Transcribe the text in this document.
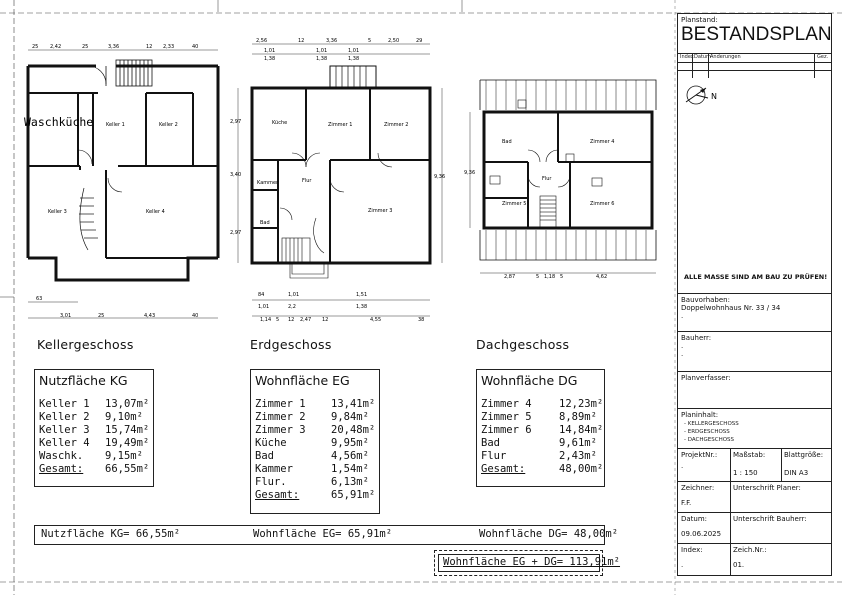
Waschküche	Keller 1	Keller 2
Keller 3	Keller 4
25 2,42	25	3,36	12 2,33	40
63
3,01	25	4,43	40
Küche	Zimmer 1	Zimmer 2
Kammer	Flur
Bad
Zimmer 3
2,56	12	3,36	5	2,50	29
1,01	1,01	1,01
1,38	1,38	1,38
2,97
3,40
2,97
9,36
84	1,01	1,51
1,01	2,2	1,38
1,14 5 12 2,47 12	4,55	38
Bad	Zimmer 4
Flur
Zimmer 5	Zimmer 6
2,87	5 1,18 5	4,62
9,36
Kellergeschoss	Erdgeschoss	Dachgeschoss
Nutzfläche KG
Keller 1 13,07m²
Keller 2 9,10m²
Keller 3 15,74m²
Keller 4 19,49m²
Waschk. 9,15m²
Gesamt: 66,55m²
Wohnfläche EG
Zimmer 1 13,41m²
Zimmer 2 9,84m²
Zimmer 3 20,48m²
Küche	9,95m²
Bad	4,56m²
Kammer	1,54m²
Flur.	6,13m²
Gesamt:	65,91m²
Wohnfläche DG
Zimmer 4	12,23m²
Zimmer 5	8,89m²
Zimmer 6	14,84m²
Bad	9,61m²
Flur	2,43m²
Gesamt:	48,00m²
Nutzfläche KG= 66,55m²	Wohnfläche EG= 65,91m²	Wohnfläche DG= 48,00m²
Wohnfläche EG + DG= 113,91m²
Planstand:
BESTANDSPLAN
Index Datum Änderungen	Gez.
N
ALLE MASSE SIND AM BAU ZU PRÜFEN!
Bauvorhaben:
Doppelwohnhaus Nr. 33 / 34
.
Bauherr:
.
.
Planverfasser:
Planinhalt:
- KELLERGESCHOSS
- ERDGESCHOSS
- DACHGESCHOSS
ProjektNr.:
.
Maßstab:
1 : 150
Blattgröße:
DIN A3
Zeichner:
F.F.
Unterschrift Planer:
Datum:
09.06.2025
Unterschrift Bauherr:
Index:
.
Zeich.Nr.:
01.
